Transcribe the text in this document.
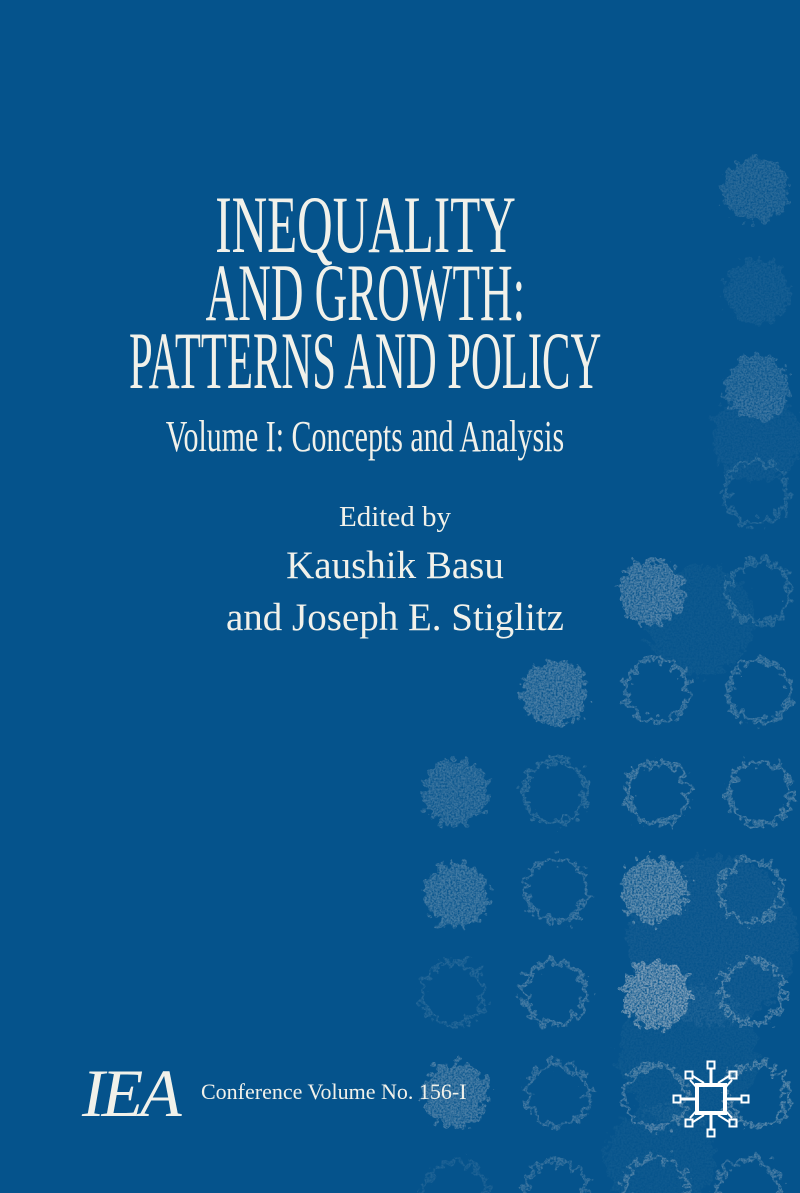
INEQUALITY
AND GROWTH:
PATTERNS AND POLICY
Volume I: Concepts and Analysis
Edited by
Kaushik Basu
and Joseph E. Stiglitz
IEA Conference Volume No. 156-I
